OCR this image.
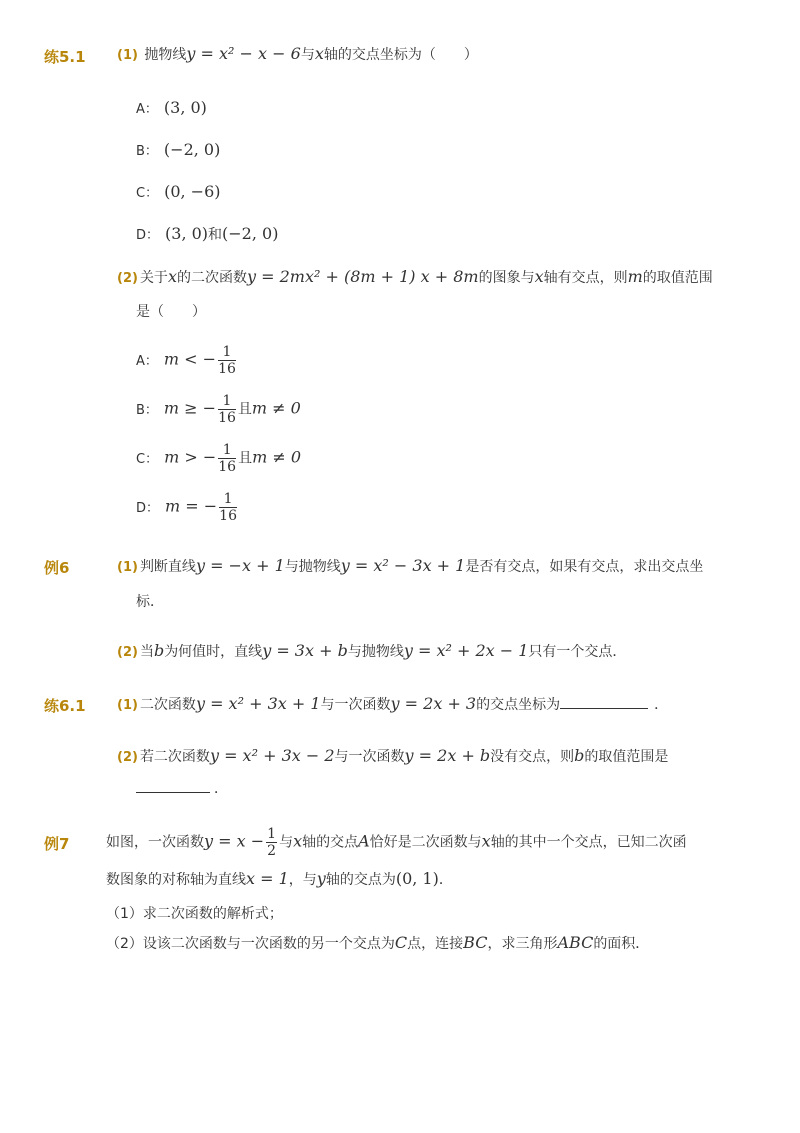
练5.1 (1) 抛物线y = x² − x − 6与x轴的交点坐标为（　　）
A： (3, 0)
B： (−2, 0)
C： (0, −6)
D： (3, 0)和(−2, 0)
(2) 关于x的二次函数y = 2mx² + (8m + 1) x + 8m的图象与x轴有交点，则m的取值范围
是（　　）
A： m < − $\frac{1}{16}$
B： m ≥ − $\frac{1}{16}$ 且m ≠ 0
C： m > − $\frac{1}{16}$ 且m ≠ 0
D： m = − $\frac{1}{16}$
例6	(1) 判断直线y = −x + 1与抛物线y = x² − 3x + 1是否有交点，如果有交点，求出交点坐
标．
(2) 当b为何值时，直线y = 3x + b与抛物线y = x² + 2x − 1只有一个交点．
练6.1 (1) 二次函数y = x² + 3x + 1与一次函数y = 2x + 3的交点坐标为	．
(2) 若二次函数y = x² + 3x − 2与一次函数y = 2x + b没有交点，则b的取值范围是
．
例7	如图，一次函数$y = x - \frac{1}{2}$ 与x轴的交点A恰好是二次函数与x轴的其中一个交点，已知二次函
数图象的对称轴为直线x = 1，与y轴的交点为(0, 1)．
（1）求二次函数的解析式；
（2）设该二次函数与一次函数的另一个交点为C点，连接BC，求三角形ABC的面积．
